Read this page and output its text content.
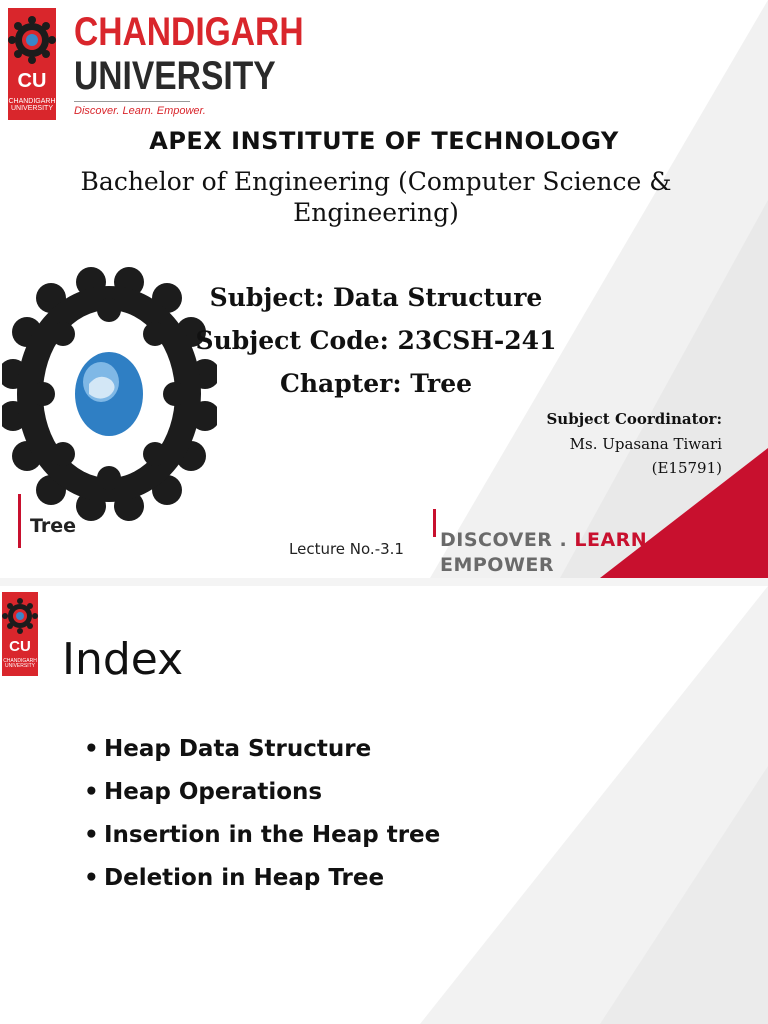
CU
CHANDIGARH UNIVERSITY
CHANDIGARH
UNIVERSITY
Discover. Learn. Empower.
APEX INSTITUTE OF TECHNOLOGY
Bachelor of Engineering (Computer Science & Engineering)
Subject: Data Structure
Subject Code: 23CSH-241
Chapter: Tree
Subject Coordinator:
Ms. Upasana Tiwari
(E15791)
Tree
Lecture No.-3.1 DISCOVER . LEARN .
EMPOWER
CU
CHANDIGARH UNIVERSITY Index
• Heap Data Structure
• Heap Operations
• Insertion in the Heap tree
• Deletion in Heap Tree
